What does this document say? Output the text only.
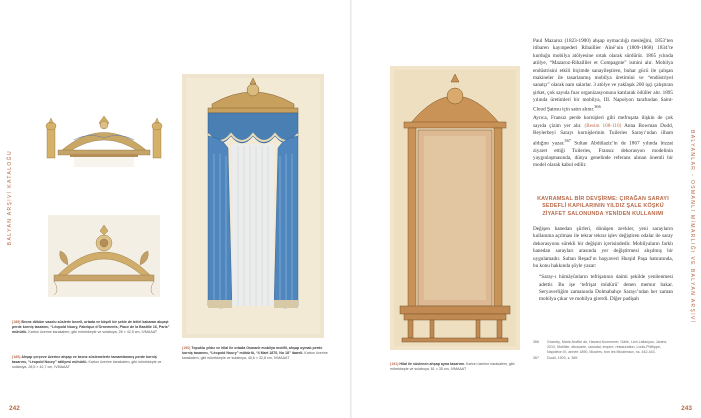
BALYAN ARŞİVİ KATALOĞU	BALYANLAR - OSMANLI MİMARLIĞI VE BALYAN ARŞİVİ
(188) Bronz döküm vazolu süslerle bezeli, ortada ve köşeli bir şekle de bölel kabaran akçaşt perde korniş tasarımı, “Léopold Noury, Fabrique d’Ornements, Place de la Bastille 16, Paris” mühürlü. Karton üzerine karakalem, gibi mürekkeple ve sulaboya, 28 × 42,5 cm, IVMAAAT
(189) Ahşap çerçeve üzerine ahşap ve bronz süslemelerle tamamlanmış perde korniş tasarımı, “Léopold Noury” atölyesi mühürlü. Karton üzerine karakalem, gibi mürekkeple ve sulaboya, 28,5 × 42,7 cm, IVMAAAT
(190) Topuklu yıldız ve hilal ile ortada Osmanlı mobilya motifli, ahşap oymalı perde korniş tasarımı, “Léopold Noury” mühürlü, “4 Mart 1870, No 18” ibareli. Karton üzerine karakalem, gibi mürekkeple ve sulaboya, 40,6 × 32,8 cm, IVMAAAT
(191) Hilal ile süslenen ahşap ayna tasarımı. Karton üzerine karakalem, gibi mürekkeple ve sulaboya, 61 × 35 cm, IVMAAAT

Paul Mazaroz (1823-1900) ahşap oymacılığı mesleğini, 1853’ten itibaren kayınpederi Ribaillier Aîné’nin (1809-1868) 1834’te kurduğu mobilya atölyesine ortak olarak sürdürür. 1865 yılında atölye, “Mazaroz-Ribaillier et Compagnie” ismini alır. Mobilya endüstrisini etkili biçimde sanayileştiren, buhar gücü ile çalışan makineler ile tasarlanmış mobilya üretimini ve “endüstriyel sanatçı” olarak nam salarlar. 3 atölye ve yaklaşık 200 işçi çalıştıran şirket, çok sayıda fuar organizasyonuna katılarak ödüller alır. 1895 yılında üretimleri bir mobilya, III. Napolyon tarafından Saint-Cloud Şatosu için satın alınır.$^{366}$

Ayrıca, Fransız perde kornişleri gibi mefruşata ilişkin de çok sayıda çizim yer alır. (Resim 108-110) Anna Bowman Dodd, Beylerbeyi Sarayı kornişlerinin Tuileries Sarayı’ndan ilham aldığını yazar.$^{367}$ Sultan Abdülaziz’in de 1867 yılında bizzat ziyaret ettiği Tuileries, Fransız dekorasyon modelinin yaygınlaşmasında, dünya genelinde referans alınan önemli bir model olarak kabul edilir.

KAVRAMSAL BİR DEVŞİRME: ÇIRAĞAN SARAYI SEDEFLİ KAPILARININ YILDIZ ŞALE KÖŞKÜ ZİYAFET SALONUNDA YENİDEN KULLANIMI

Değişen hanedan şiirleri, dönüşen zevkler, yeni sarayların kullanıma açılması ile tekrar tekrar işlev değiştiren odalar ile saray dekorasyonu sürekli bir değişim içerisindedir. Mobilyaların farklı hanedan sarayları arasında yer değiştirmesi alışılmış bir uygulamadır. Sultan Reşad’ın başyaveri Hurşid Paşa hatıratında, bu konu hakkında şöyle yazar:

“Saray-ı hümâyûnların tefrişatının daimi şekilde yenilenmesi adettir. Bu işe ‘tefrişat müdürü’ denen memur bakar. Seryaverliğim zamanında Dolmabahçe Sarayı’ndan her zaman mobilya çıkar ve mobilya girerdi. Diğer padişah

366	Grandry, Marie-Noëlle de, Havard-Kummerer, Odile, Lévi-Lallanyus, Janine, 2010, Mobilier, dinosaire, canudal, empire, restauration, Louis-Phillippe, Napoléon III, année 1890, Musées, bon les Micaleraux, ss. 442-443.
367	Dodd, 1903, s. 389.
242	243
